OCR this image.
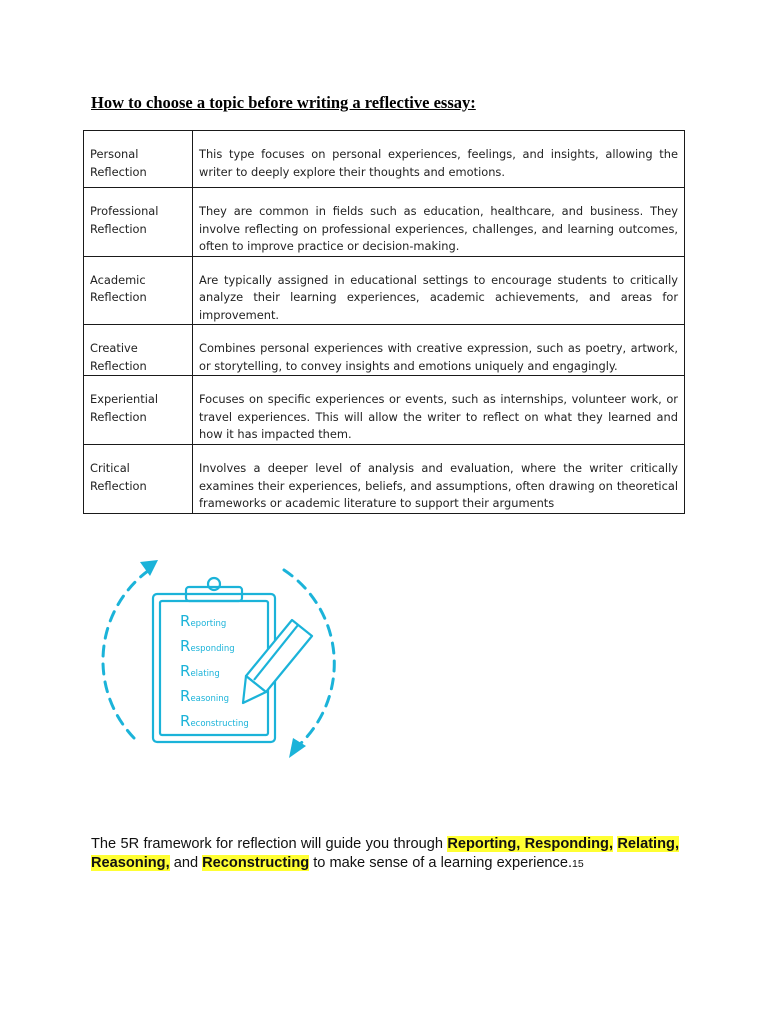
How to choose a topic before writing a reflective essay:
Personal Reflection	This type focuses on personal experiences, feelings, and insights, allowing the writer to deeply explore their thoughts and emotions.
Professional Reflection	They are common in fields such as education, healthcare, and business. They involve reflecting on professional experiences, challenges, and learning outcomes, often to improve practice or decision-making.
Academic Reflection	Are typically assigned in educational settings to encourage students to critically analyze their learning experiences, academic achievements, and areas for improvement.
Creative Reflection	Combines personal experiences with creative expression, such as poetry, artwork, or storytelling, to convey insights and emotions uniquely and engagingly.
Experiential Reflection	Focuses on specific experiences or events, such as internships, volunteer work, or travel experiences. This will allow the writer to reflect on what they learned and how it has impacted them.
Critical Reflection	Involves a deeper level of analysis and evaluation, where the writer critically examines their experiences, beliefs, and assumptions, often drawing on theoretical frameworks or academic literature to support their arguments
Reporting
Responding
Relating
Reasoning
Reconstructing

The 5R framework for reflection will guide you through Reporting, Responding, Relating, Reasoning, and Reconstructing to make sense of a learning experience.15
